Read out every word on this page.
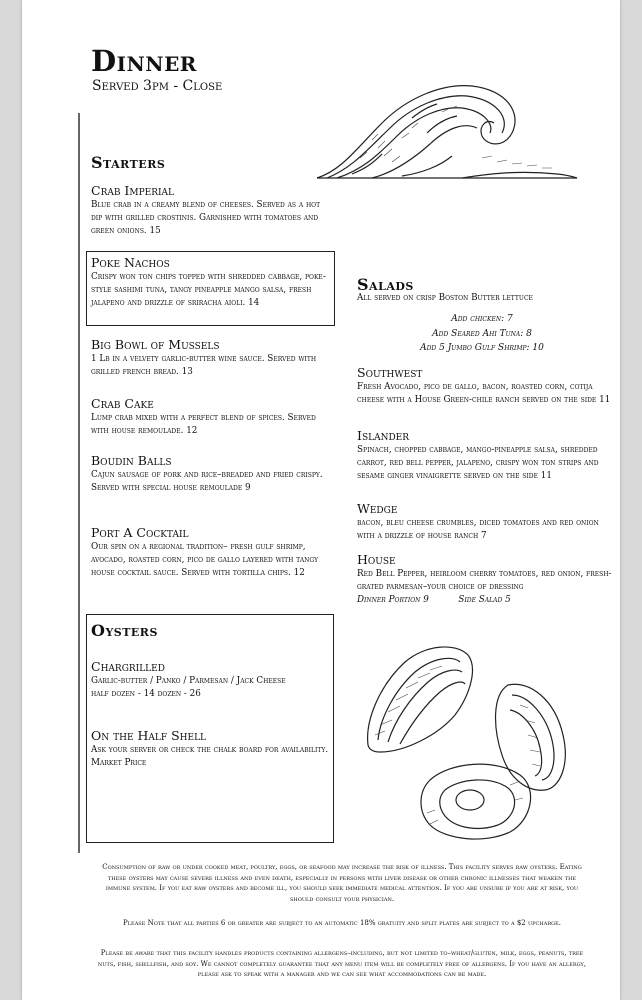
Dinner
Served 3pm - Close
Starters
Crab Imperial
Blue crab in a creamy blend of cheeses. Served as a hot dip with grilled crostinis. Garnished with tomatoes and green onions. 15
Poke Nachos
Crispy won ton chips topped with shredded cabbage, poke-style sashimi tuna, tangy pineapple mango salsa, fresh jalapeno and drizzle of sriracha aioli. 14
Big Bowl of Mussels
1 Lb in a velvety garlic-butter wine sauce. Served with grilled french bread. 13
Crab Cake
Lump crab mixed with a perfect blend of spices. Served with house remoulade. 12
Boudin Balls
Cajun sausage of pork and rice–breaded and fried crispy. Served with special house remoulade 9
Port A Cocktail
Our spin on a regional tradition– fresh gulf shrimp, avocado, roasted corn, pico de gallo layered with tangy house cocktail sauce. Served with tortilla chips. 12
Oysters
Chargrilled
Garlic-butter / Panko / Parmesan / Jack Cheese
half dozen - 14 dozen - 26
On the Half Shell
Ask your server or check the chalk board for availability. Market Price
Salads
All served on crisp Boston Butter lettuce
Add chicken: 7
Add Seared Ahi Tuna: 8
Add 5 Jumbo Gulf Shrimp: 10
Southwest
Fresh Avocado, pico de gallo, bacon, roasted corn, cotija cheese with a House Green-chile ranch served on the side 11
Islander
Spinach, chopped cabbage, mango-pineapple salsa, shredded carrot, red bell pepper, jalapeno, crispy won ton strips and sesame ginger vinaigrette served on the side 11
Wedge
bacon, bleu cheese crumbles, diced tomatoes and red onion with a drizzle of house ranch 7
House
Red Bell Pepper, heirloom cherry tomatoes, red onion, fresh-grated parmesan–your choice of dressing
Dinner Portion 9	Side Salad 5
Consumption of raw or under cooked meat, poultry, eggs, or seafood may increase the risk of illness. This facility serves raw oysters. Eating these oysters may cause severe illness and even death, especially in persons with liver disease or other chronic illnesses that weaken the immune system. If you eat raw oysters and become ill, you should seek immediate medical attention. If you are unsure if you are at risk, you should consult your physician.
Please Note that all parties 6 or greater are subject to an automatic 18% gratuity and split plates are subject to a $2 upcharge.
Please be aware that this facility handles products containing allergens–including, but not limited to–wheat/gluten, milk, eggs, peanuts, tree nuts, fish, shellfish, and soy. We cannot completely guarantee that any menu item will be completely free of allergens. If you have an allergy, please ask to speak with a manager and we can see what accommodations can be made.
